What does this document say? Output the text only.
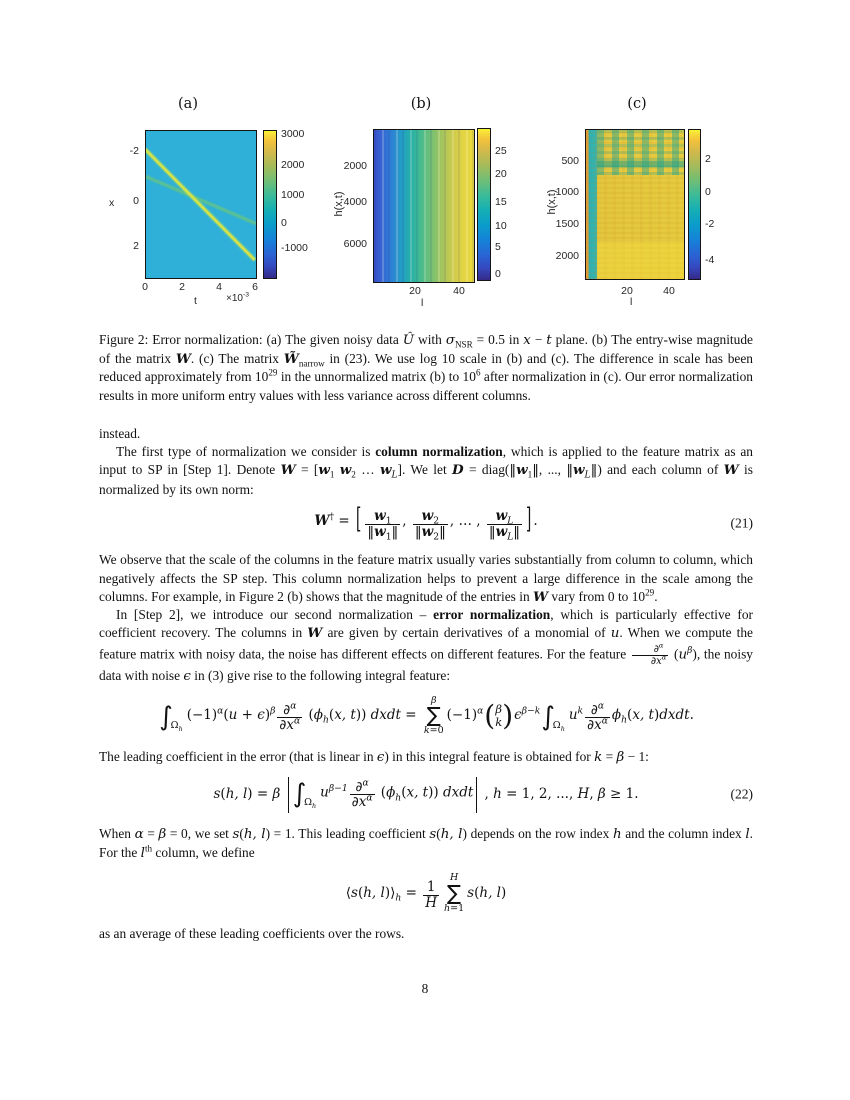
(a)
x
-2
0
2
0	2	4	6
t	$\times 10^{-3}$
3000
2000
1000
0
-1000
(b)
h(x,t)
2000
4000
6000
20	40
l
25
20
15
10
5
0
(c)
h(x,t)
500
1000
1500
2000
20	40
l
2
0
-2
-4

Figure 2: Error normalization: (a) The given noisy data Û with $\sigma_{NSR} = 0.5$ in x − t plane. (b) The entry-wise magnitude of the matrix W. (c) The matrix $W̃_{narrow}$ in (23). We use log 10 scale in (b) and (c). The difference in scale has been reduced approximately from $10^{29}$ in the unnormalized matrix (b) to $10^6$ after normalization in (c). Our error normalization results in more uniform entry values with less variance across different columns.

instead.

The first type of normalization we consider is column normalization, which is applied to the feature matrix as an input to SP in [Step 1]. Denote $W = [w_1$ $w_2$ … $w_L$]. We let $D = diag(‖w_1‖$, ..., $‖w_L‖$) and each column of W is normalized by its own norm:

W† = [ $\frac{w_1}{‖w_1‖}$ , $\frac{w_2}{‖w_2‖}$ , … , $\frac{w_L}{‖w_L‖}$ ] .	(21)

We observe that the scale of the columns in the feature matrix usually varies substantially from column to column, which negatively affects the SP step. This column normalization helps to prevent a large difference in the scale among the columns. For example, in Figure 2 (b) shows that the magnitude of the entries in W vary from 0 to $10^{29}$.

In [Step 2], we introduce our second normalization – error normalization, which is particularly effective for coefficient recovery. The columns in W are given by certain derivatives of a monomial of u. When we compute the feature matrix with noisy data, the noise has different effects on different features. For the feature $\frac{\partial^\alpha}{\partial x^\alpha} (u^\beta)$, the noisy data with noise ϵ in (3) give rise to the following integral feature:

$\int\Omega_h(-1)^\alpha(u + \epsilon)^\beta \frac{\partial^\alpha}{\partial x^\alpha} (\phi_h(x$, t)) dxdt =
β
∑
k=0
$(-1)^\alpha$ ( β
k ) $\epsilon^{\beta-k}\int\Omega_hu^k \frac{\partial^\alpha}{\partial x^\alpha} \phi_h(x$, t)dxdt.

The leading coefficient in the error (that is linear in ϵ) in this integral feature is obtained for k = β − 1:

s(h, l) = β $\int\Omega_hu^{\beta-1} \frac{\partial^\alpha}{\partial x^\alpha} (\phi_h(x$, t)) dxdt , h = 1, 2, ..., H, β ≥ 1.	(22)

When α = β = 0, we set s(h, l) = 1. This leading coefficient s(h, l) depends on the row index h and the column index l. For the $l^{th}$ column, we define

⟨s(h, $l)⟩_h = \frac{1}{H}$
H
∑
h=1
s(h, l)

as an average of these leading coefficients over the rows.

8
